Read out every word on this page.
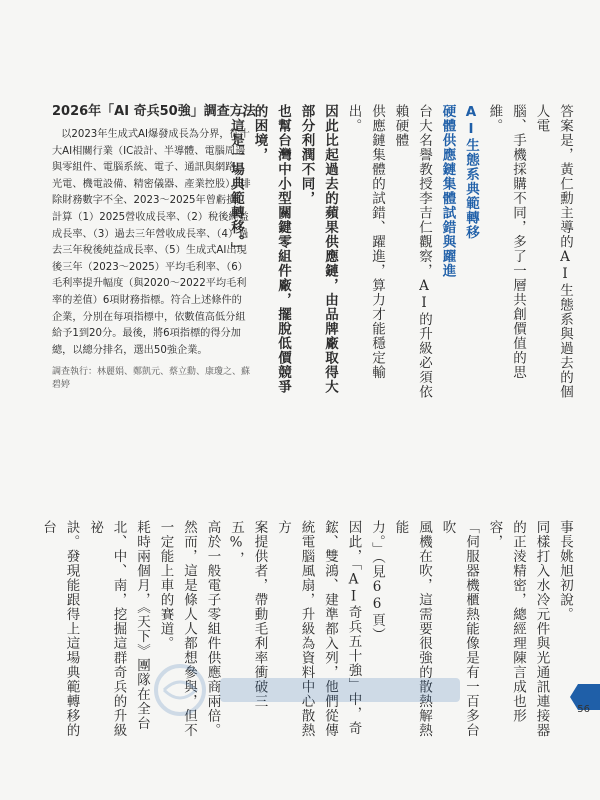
答案是，黃仁勳主導的AI生態系與過去的個人電
腦、手機採購不同，多了一層共創價值的思維。
AI生態系典範轉移
硬體供應鏈集體試錯與躍進
台大名譽教授李吉仁觀察，AI的升級必須依賴硬體
供應鏈集體的試錯、躍進，算力才能穩定輸出。
因此比起過去的蘋果供應鏈，由品牌廠取得大部分利潤不同，
也幫台灣中小型關鍵零組件廠，擺脫低價競爭的困境，
「這是一場典範轉移。」

2026年「AI 奇兵50強」調查方法

以2023年生成式AI爆發成長為分界，從十大AI相關行業（IC設計、半導體、電腦周邊與零組件、電腦系統、電子、通訊與網路、光電、機電設備、精密儀器、產業控股），排除財務數字不全、2023～2025年曾虧損，計算（1）2025營收成長率、（2）稅後純益成長率、（3）過去三年營收成長率、（4）過去三年稅後純益成長率、（5）生成式AI出現後三年（2023～2025）平均毛利率、（6）毛利率提升幅度（與2020～2022平均毛利率的差值）6項財務指標。符合上述條件的企業，分別在每項指標中，依數值高低分組給予1到20分。最後，將6項指標的得分加總，以總分排名，選出50強企業。

調查執行：林麗娟、鄭凱元、蔡立勳、康瓊之、蘇碧婷
事長姚旭初說。
同樣打入水冷元件與光通訊連接器
的正淩精密，總經理陳言成也形容，
「伺服器機櫃熱能像是有一百多台吹
風機在吹，這需要很強的散熱解熱能
力。」（見66頁）
因此，「AI奇兵五十強」中，奇
鋐、雙鴻、建準都入列，他們從傳
統電腦風扇，升級為資料中心散熱方
案提供者，帶動毛利率衝破三五%，
高於一般電子零組件供應商兩倍。
然而，這是條人人都想參與，但不
一定能上車的賽道。
耗時兩個月，《天下》團隊在全台
北、中、南，挖掘這群奇兵的升級祕
訣。發現能跟得上這場典範轉移的台

56
